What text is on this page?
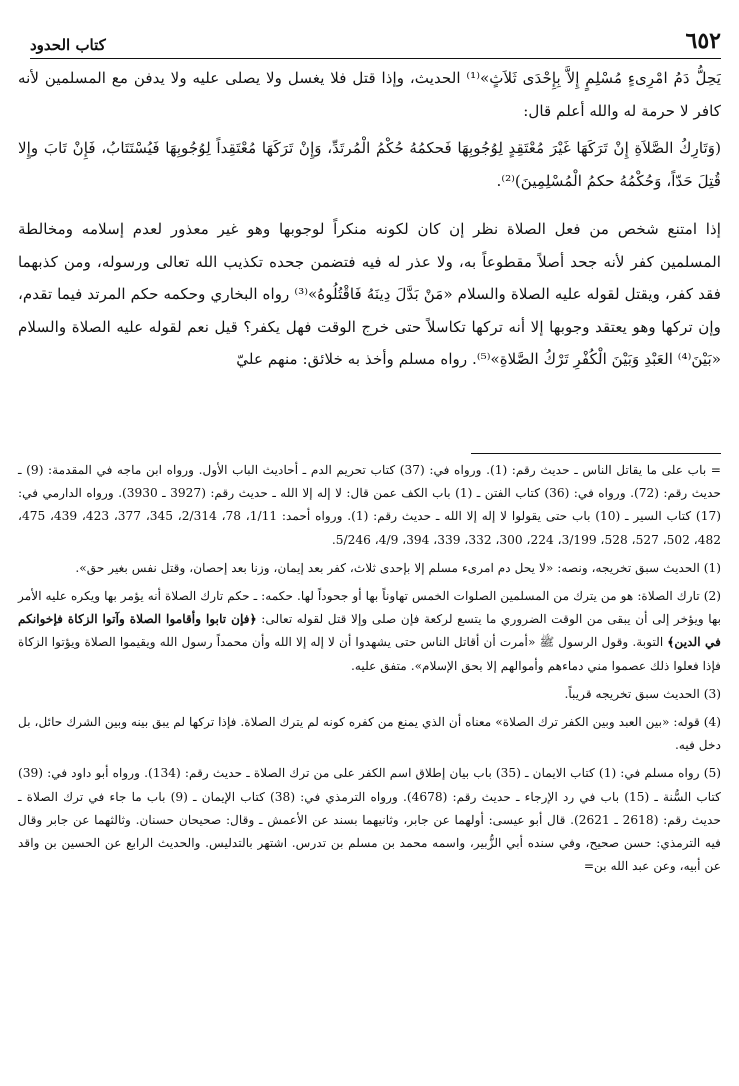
٦٥٢
كتاب الحدود

يَحِلُّ دَمُ امْرِىءٍ مُسْلِمٍ إِلاَّ بِإِحْدَى ثَلاَثٍ»⁽¹⁾ الحديث، وإذا قتل فلا يغسل ولا يصلى عليه ولا يدفن مع المسلمين لأنه كافر لا حرمة له والله أعلم قال:

(وَتَارِكُ الصَّلاَةِ إِنْ تَرَكَهَا غَيْرَ مُعْتَقِدٍ لِوُجُوبِهَا فَحكمُهُ حُكْمُ الْمُرتَدِّ، وَإِنْ تَرَكَهَا مُعْتَقِداً لِوُجُوبِهَا فَيُسْتَتَابُ، فَإِنْ تَابَ وإِلا قُتِلَ حَدّاً، وَحُكْمُهُ حكمُ الْمُسْلِمِينَ)⁽²⁾.

إذا امتنع شخص من فعل الصلاة نظر إن كان لكونه منكراً لوجوبها وهو غير معذور لعدم إسلامه ومخالطة المسلمين كفر لأنه جحد أصلاً مقطوعاً به، ولا عذر له فيه فتضمن جحده تكذيب الله تعالى ورسوله، ومن كذبهما فقد كفر، ويقتل لقوله عليه الصلاة والسلام «مَنْ بَدَّلَ دِينَهُ فَاقْتُلُوهُ»⁽³⁾ رواه البخاري وحكمه حكم المرتد فيما تقدم، وإن تركها وهو يعتقد وجوبها إلا أنه تركها تكاسلاً حتى خرج الوقت فهل يكفر؟ قيل نعم لقوله عليه الصلاة والسلام «بَيْنَ⁽⁴⁾ العَبْدِ وَبَيْنَ الْكُفْرِ تَرْكُ الصَّلاةِ»⁽⁵⁾. رواه مسلم وأخذ به خلائق: منهم عليّ

= باب على ما يقاتل الناس ـ حديث رقم: (1). ورواه في: (37) كتاب تحريم الدم ـ أحاديث الباب الأول. ورواه ابن ماجه في المقدمة: (9) ـ حديث رقم: (72). ورواه في: (36) كتاب الفتن ـ (1) باب الكف عمن قال: لا إله إلا الله ـ حديث رقم: (3927 ـ 3930). ورواه الدارمي في: (17) كتاب السير ـ (10) باب حتى يقولوا لا إله إلا الله ـ حديث رقم: (1). ورواه أحمد: 1/11، 78، 2/314، 345، 377، 423، 439، 475، 482، 502، 527، 528، 3/199، 224، 300، 332، 339، 394، 4/9، 5/246.

(1) الحديث سبق تخريجه، ونصه: «لا يحل دم امرىء مسلم إلا بإحدى ثلاث، كفر بعد إيمان، وزنا بعد إحصان، وقتل نفس بغير حق».

(2) تارك الصلاة: هو من يترك من المسلمين الصلوات الخمس تهاوناً بها أو جحوداً لها. حكمه: ـ حكم تارك الصلاة أنه يؤمر بها ويكره عليه الأمر بها ويؤخر إلى أن يبقى من الوقت الضروري ما يتسع لركعة فإن صلى وإلا قتل لقوله تعالى: ﴿فإن تابوا وأقاموا الصلاة وآتوا الزكاة فإخوانكم في الدين﴾ التوبة. وقول الرسول ﷺ «أمرت أن أقاتل الناس حتى يشهدوا أن لا إله إلا الله وأن محمداً رسول الله ويقيموا الصلاة ويؤتوا الزكاة فإذا فعلوا ذلك عصموا مني دماءهم وأموالهم إلا بحق الإسلام». متفق عليه.

(3) الحديث سبق تخريجه قريباً.

(4) قوله: «بين العبد وبين الكفر ترك الصلاة» معناه أن الذي يمنع من كفره كونه لم يترك الصلاة. فإذا تركها لم يبق بينه وبين الشرك حائل، بل دخل فيه.

(5) رواه مسلم في: (1) كتاب الايمان ـ (35) باب بيان إطلاق اسم الكفر على من ترك الصلاة ـ حديث رقم: (134). ورواه أبو داود في: (39) كتاب السُّنة ـ (15) باب في رد الإرجاء ـ حديث رقم: (4678). ورواه الترمذي في: (38) كتاب الإيمان ـ (9) باب ما جاء في ترك الصلاة ـ حديث رقم: (2618 ـ 2621). قال أبو عيسى: أولهما عن جابر، وثانيهما بسند عن الأعمش ـ وقال: صحيحان حسنان. وثالثهما عن جابر وقال فيه الترمذي: حسن صحيح، وفي سنده أبي الزُّبير، واسمه محمد بن مسلم بن تدرس. اشتهر بالتدليس. والحديث الرابع عن الحسين بن واقد عن أبيه، وعن عبد الله بن=
